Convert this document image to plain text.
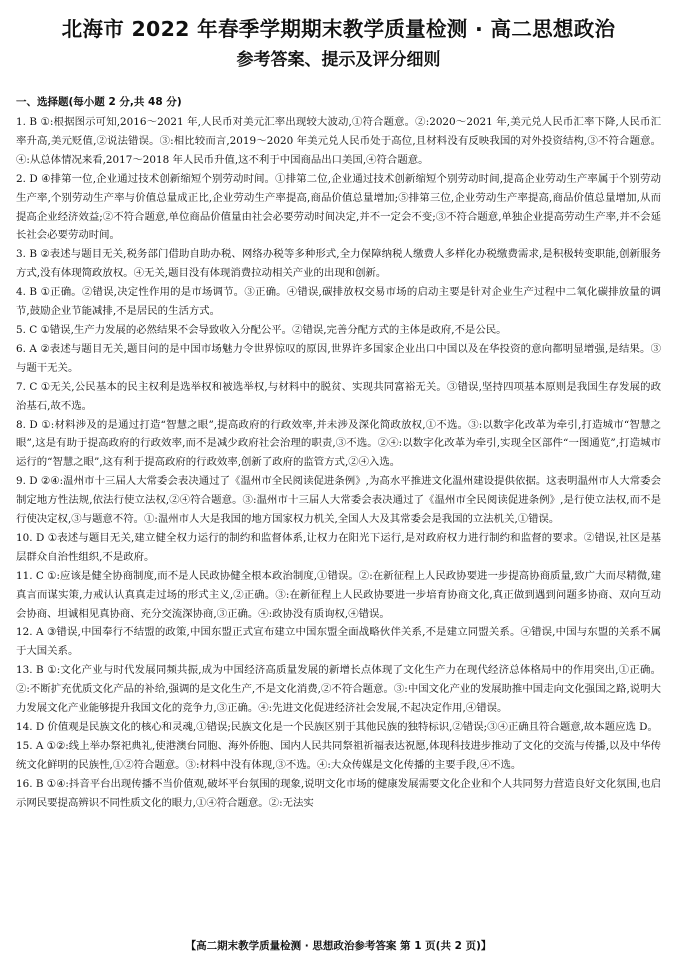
北海市 2022 年春季学期期末教学质量检测 · 高二思想政治
参考答案、提示及评分细则
一、选择题(每小题 2 分,共 48 分)

1. B ①:根据图示可知,2016～2021 年,人民币对美元汇率出现较大波动,①符合题意。②:2020～2021 年,美元兑人民币汇率下降,人民币汇率升高,美元贬值,②说法错误。③:相比较而言,2019～2020 年美元兑人民币处于高位,且材料没有反映我国的对外投资结构,③不符合题意。④:从总体情况来看,2017～2018 年人民币升值,这不利于中国商品出口美国,④符合题意。

2. D ④排第一位,企业通过技术创新缩短个别劳动时间。①排第二位,企业通过技术创新缩短个别劳动时间,提高企业劳动生产率属于个别劳动生产率,个别劳动生产率与价值总量成正比,企业劳动生产率提高,商品价值总量增加;⑤排第三位,企业劳动生产率提高,商品价值总量增加,从而提高企业经济效益;②不符合题意,单位商品价值量由社会必要劳动时间决定,并不一定会不变;③不符合题意,单独企业提高劳动生产率,并不会延长社会必要劳动时间。

3. B ②表述与题目无关,税务部门借助自助办税、网络办税等多种形式,全力保障纳税人缴费人多样化办税缴费需求,是积极转变职能,创新服务方式,没有体现简政放权。④无关,题目没有体现消费拉动相关产业的出现和创新。

4. B ①正确。②错误,决定性作用的是市场调节。③正确。④错误,碳排放权交易市场的启动主要是针对企业生产过程中二氧化碳排放量的调节,鼓励企业节能减排,不是居民的生活方式。

5. C ①错误,生产力发展的必然结果不会导致收入分配公平。②错误,完善分配方式的主体是政府,不是公民。

6. A ②表述与题目无关,题目问的是中国市场魅力令世界惊叹的原因,世界许多国家企业出口中国以及在华投资的意向都明显增强,是结果。③与题干无关。

7. C ①无关,公民基本的民主权利是选举权和被选举权,与材料中的脱贫、实现共同富裕无关。③错误,坚持四项基本原则是我国生存发展的政治基石,故不选。

8. D ①:材料涉及的是通过打造“智慧之眼”,提高政府的行政效率,并未涉及深化简政放权,①不选。③:以数字化改革为牵引,打造城市“智慧之眼”,这是有助于提高政府的行政效率,而不是减少政府社会治理的职责,③不选。②④:以数字化改革为牵引,实现全区部件“一图通览”,打造城市运行的“智慧之眼”,这有利于提高政府的行政效率,创新了政府的监管方式,②④入选。

9. D ②④:温州市十三届人大常委会表决通过了《温州市全民阅读促进条例》,为高水平推进文化温州建设提供依据。这表明温州市人大常委会制定地方性法规,依法行使立法权,②④符合题意。③:温州市十三届人大常委会表决通过了《温州市全民阅读促进条例》,是行使立法权,而不是行使决定权,③与题意不符。①:温州市人大是我国的地方国家权力机关,全国人大及其常委会是我国的立法机关,①错误。

10. D ①表述与题目无关,建立健全权力运行的制约和监督体系,让权力在阳光下运行,是对政府权力进行制约和监督的要求。②错误,社区是基层群众自治性组织,不是政府。

11. C ①:应该是健全协商制度,而不是人民政协健全根本政治制度,①错误。②:在新征程上人民政协要进一步提高协商质量,致广大而尽精微,建真言而谋实策,力戒认认真真走过场的形式主义,②正确。③:在新征程上人民政协要进一步培育协商文化,真正做到遇到问题多协商、双向互动会协商、坦诚相见真协商、充分交流深协商,③正确。④:政协没有质询权,④错误。

12. A ③错误,中国奉行不结盟的政策,中国东盟正式宣布建立中国东盟全面战略伙伴关系,不是建立同盟关系。④错误,中国与东盟的关系不属于大国关系。

13. B ①:文化产业与时代发展同频共振,成为中国经济高质量发展的新增长点体现了文化生产力在现代经济总体格局中的作用突出,①正确。②:不断扩充优质文化产品的补给,强调的是文化生产,不是文化消费,②不符合题意。③:中国文化产业的发展助推中国走向文化强国之路,说明大力发展文化产业能够提升我国文化的竞争力,③正确。④:先进文化促进经济社会发展,不起决定作用,④错误。

14. D 价值观是民族文化的核心和灵魂,①错误;民族文化是一个民族区别于其他民族的独特标识,②错误;③④正确且符合题意,故本题应选 D。

15. A ①②:线上举办祭祀典礼,使港澳台同胞、海外侨胞、国内人民共同祭祖祈福表达祝愿,体现科技进步推动了文化的交流与传播,以及中华传统文化鲜明的民族性,①②符合题意。③:材料中没有体现,③不选。④:大众传媒是文化传播的主要手段,④不选。

16. B ①④:抖音平台出现传播不当价值观,破坏平台氛围的现象,说明文化市场的健康发展需要文化企业和个人共同努力营造良好文化氛围,也启示网民要提高辨识不同性质文化的眼力,①④符合题意。②:无法实

【高二期末教学质量检测 · 思想政治参考答案 第 1 页(共 2 页)】
